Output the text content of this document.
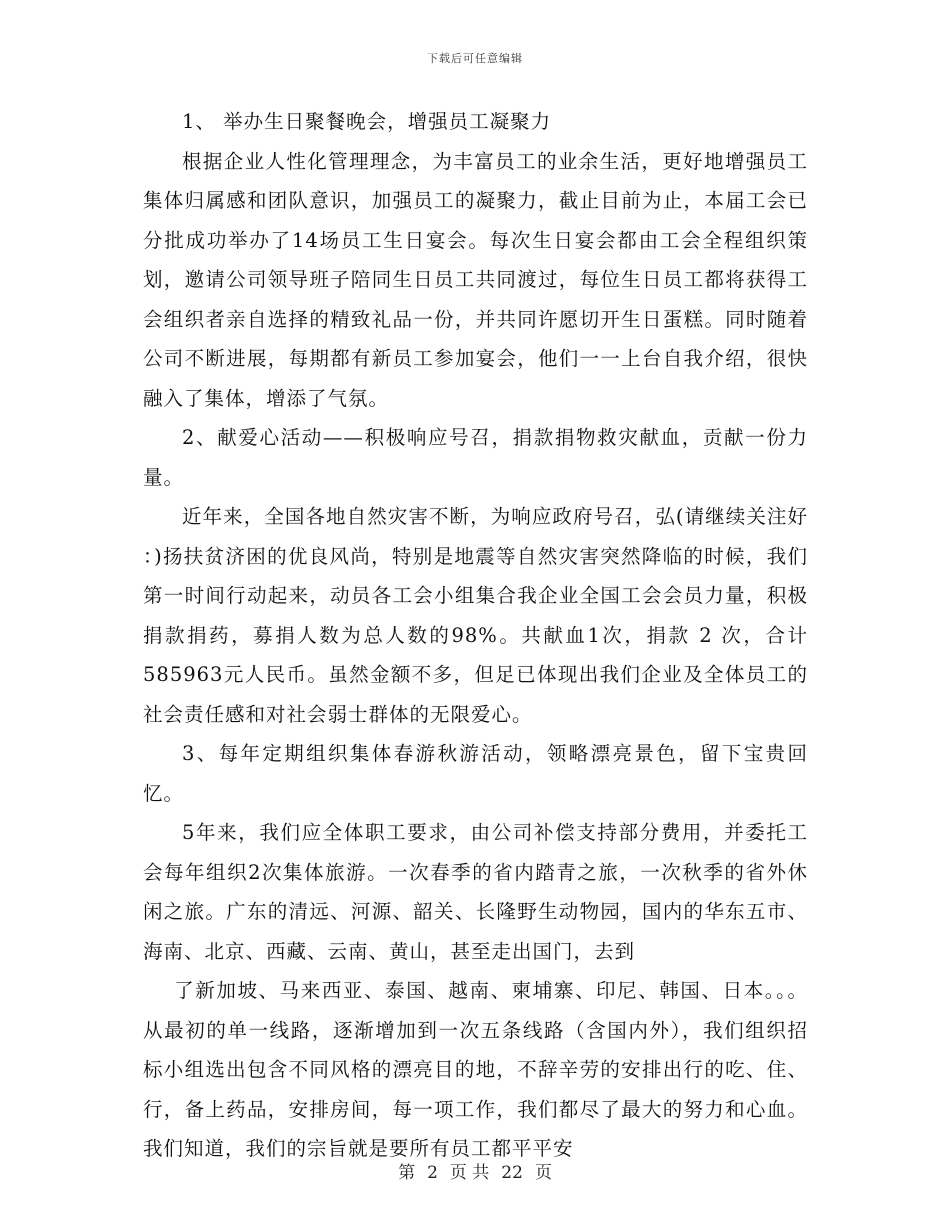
下载后可任意编辑

1、 举办生日聚餐晚会，增强员工凝聚力

根据企业人性化管理理念，为丰富员工的业余生活，更好地增强员工集体归属感和团队意识，加强员工的凝聚力，截止目前为止，本届工会已分批成功举办了14场员工生日宴会。每次生日宴会都由工会全程组织策划，邀请公司领导班子陪同生日员工共同渡过，每位生日员工都将获得工会组织者亲自选择的精致礼品一份，并共同许愿切开生日蛋糕。同时随着公司不断进展，每期都有新员工参加宴会，他们一一上台自我介绍，很快融入了集体，增添了气氛。

2、献爱心活动——积极响应号召，捐款捐物救灾献血，贡献一份力量。

近年来，全国各地自然灾害不断，为响应政府号召，弘(请继续关注好 ：)扬扶贫济困的优良风尚，特别是地震等自然灾害突然降临的时候，我们第一时间行动起来，动员各工会小组集合我企业全国工会会员力量，积极捐款捐药，募捐人数为总人数的98%。共献血1次，捐款 2 次，合计585963元人民币。虽然金额不多，但足已体现出我们企业及全体员工的社会责任感和对社会弱士群体的无限爱心。

3、每年定期组织集体春游秋游活动，领略漂亮景色，留下宝贵回忆。

5年来，我们应全体职工要求，由公司补偿支持部分费用，并委托工会每年组织2次集体旅游。一次春季的省内踏青之旅，一次秋季的省外休闲之旅。广东的清远、河源、韶关、长隆野生动物园，国内的华东五市、海南、北京、西藏、云南、黄山，甚至走出国门，去到

了新加坡、马来西亚、泰国、越南、柬埔寨、印尼、韩国、日本。。。从最初的单一线路，逐渐增加到一次五条线路（含国内外），我们组织招标小组选出包含不同风格的漂亮目的地，不辞辛劳的安排出行的吃、住、行，备上药品，安排房间，每一项工作，我们都尽了最大的努力和心血。我们知道，我们的宗旨就是要所有员工都平平安

第 2 页 共 22 页
